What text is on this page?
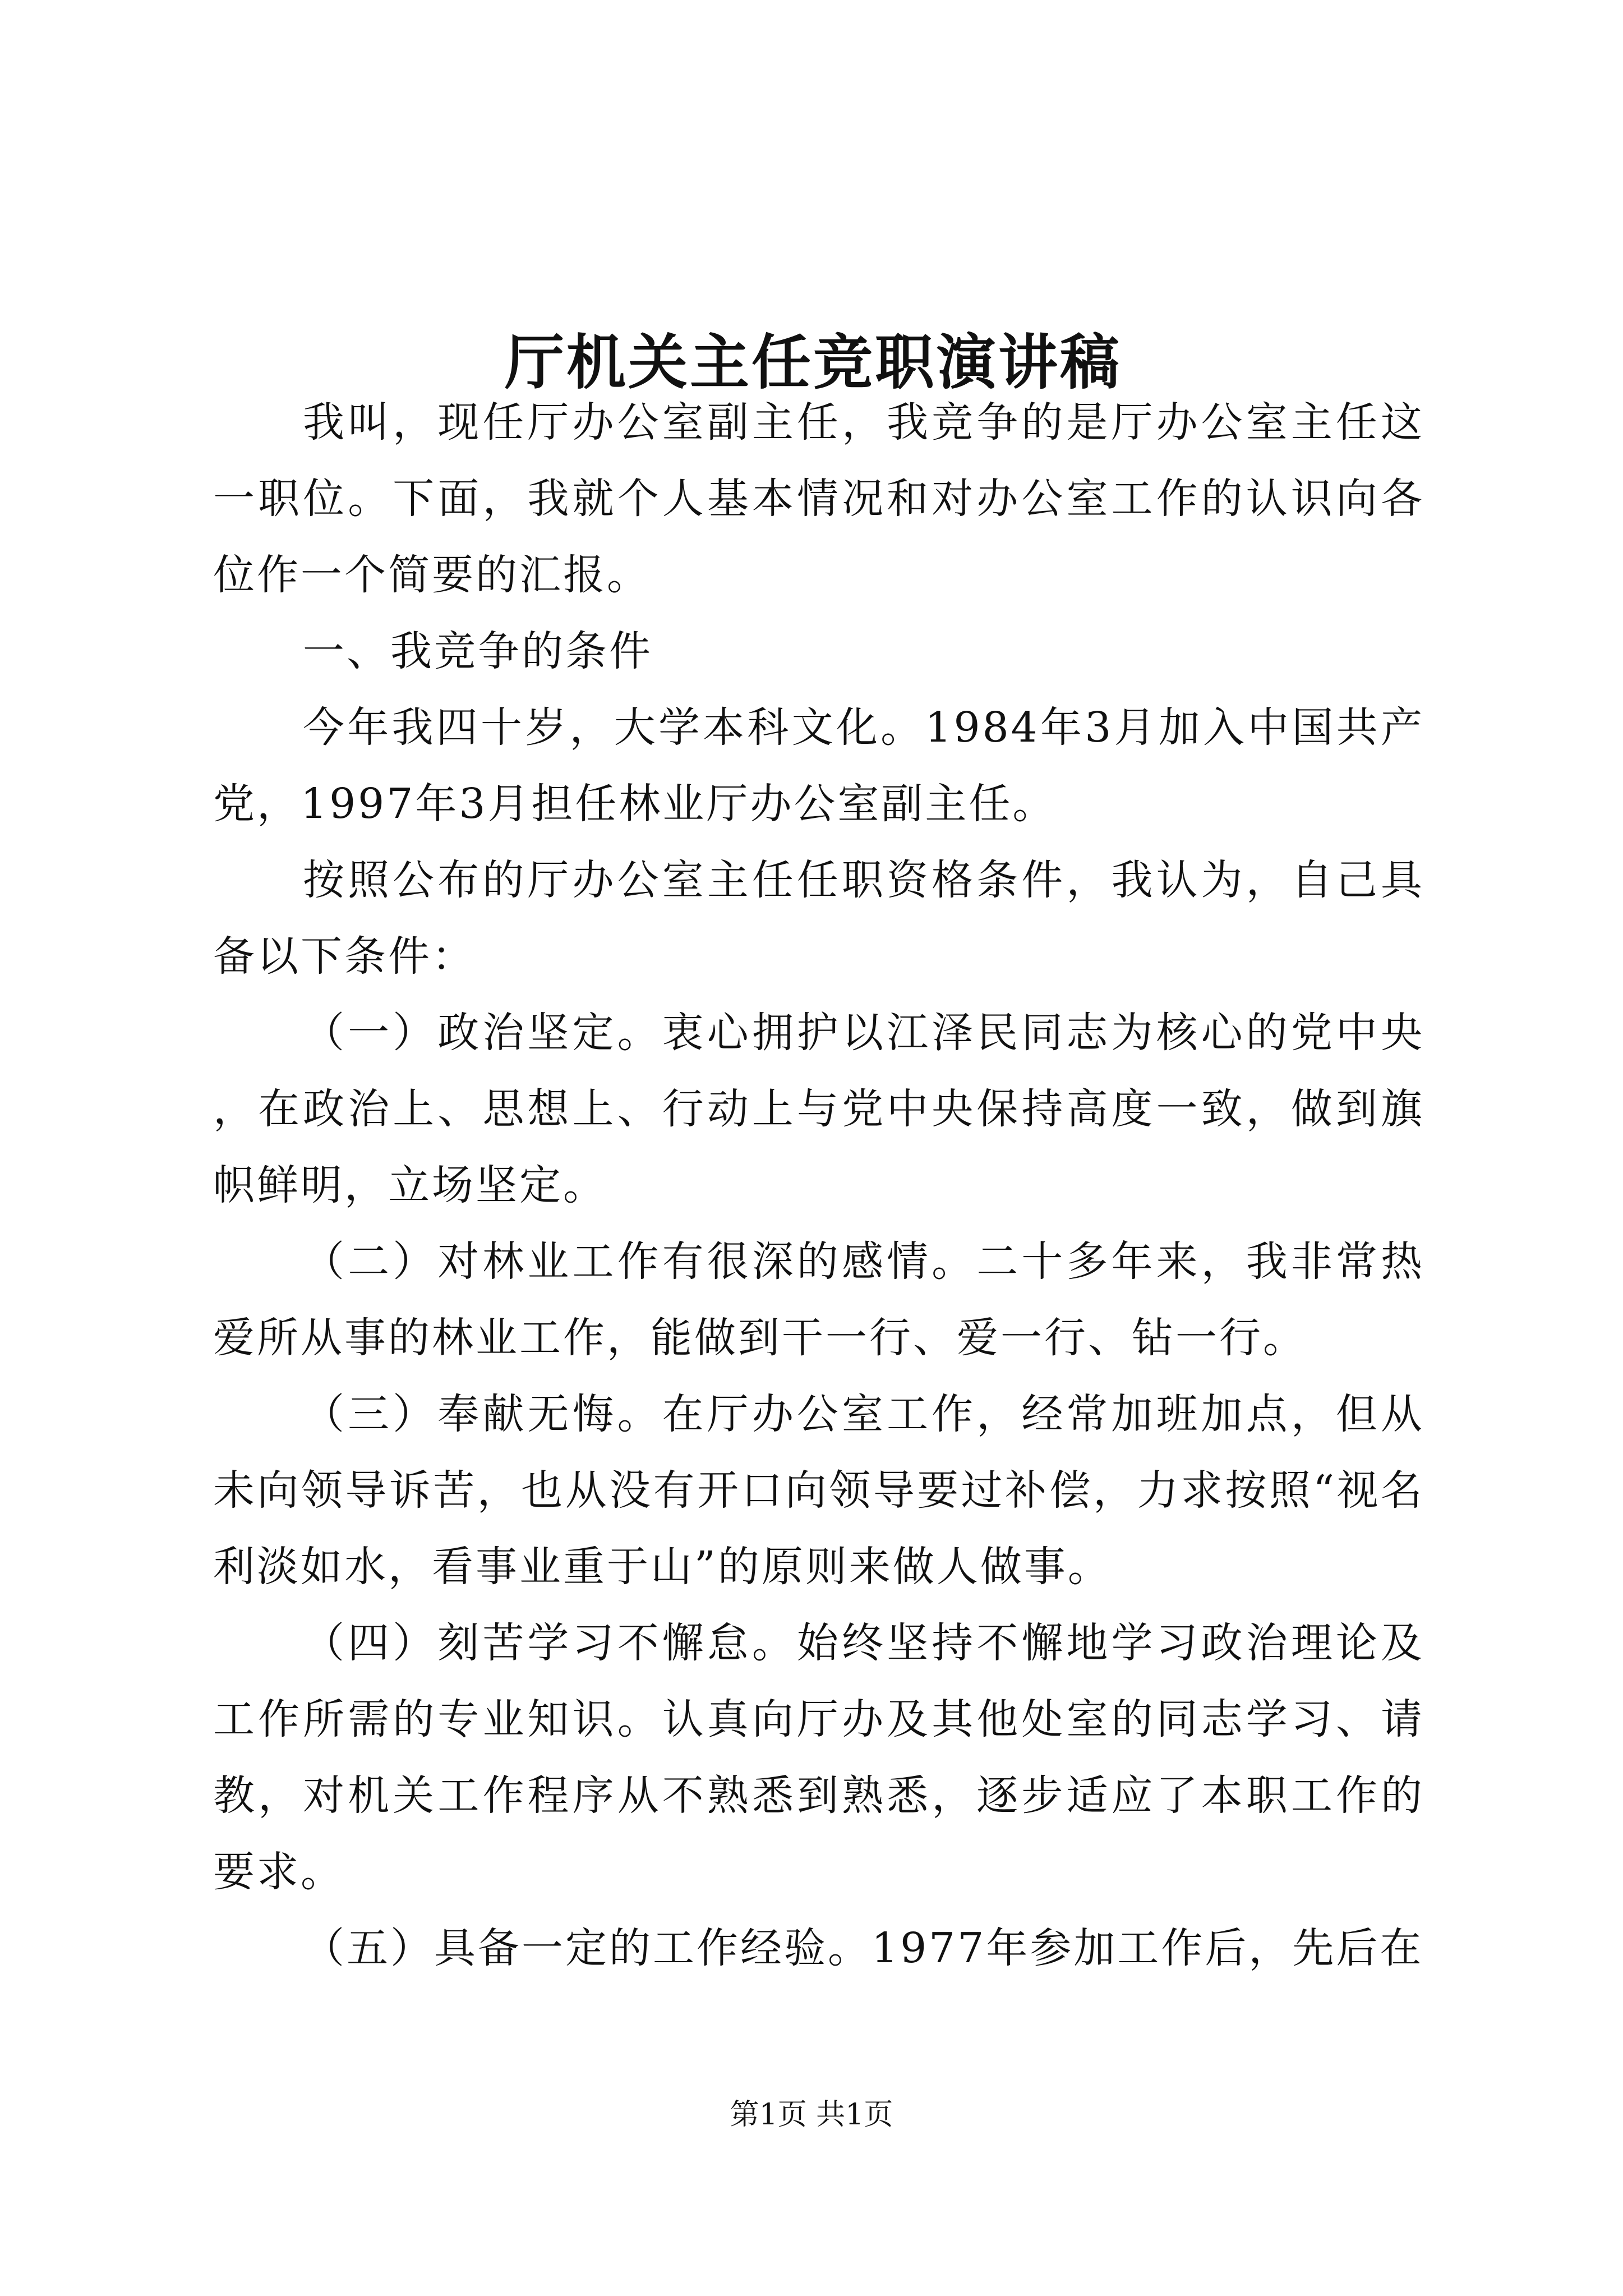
厅机关主任竞职演讲稿

我叫，现任厅办公室副主任，我竞争的是厅办公室主任这一职位。下面，我就个人基本情况和对办公室工作的认识向各位作一个简要的汇报。

一、我竞争的条件

今年我四十岁，大学本科文化。1984年3月加入中国共产党，1997年3月担任林业厅办公室副主任。

按照公布的厅办公室主任任职资格条件，我认为，自己具备以下条件：

（一）政治坚定。衷心拥护以江泽民同志为核心的党中央，在政治上、思想上、行动上与党中央保持高度一致，做到旗帜鲜明，立场坚定。

（二）对林业工作有很深的感情。二十多年来，我非常热爱所从事的林业工作，能做到干一行、爱一行、钻一行。

（三）奉献无悔。在厅办公室工作，经常加班加点，但从未向领导诉苦，也从没有开口向领导要过补偿，力求按照“视名利淡如水，看事业重于山”的原则来做人做事。

（四）刻苦学习不懈怠。始终坚持不懈地学习政治理论及工作所需的专业知识。认真向厅办及其他处室的同志学习、请教，对机关工作程序从不熟悉到熟悉，逐步适应了本职工作的要求。

（五）具备一定的工作经验。1977年参加工作后，先后在

第1页 共1页
